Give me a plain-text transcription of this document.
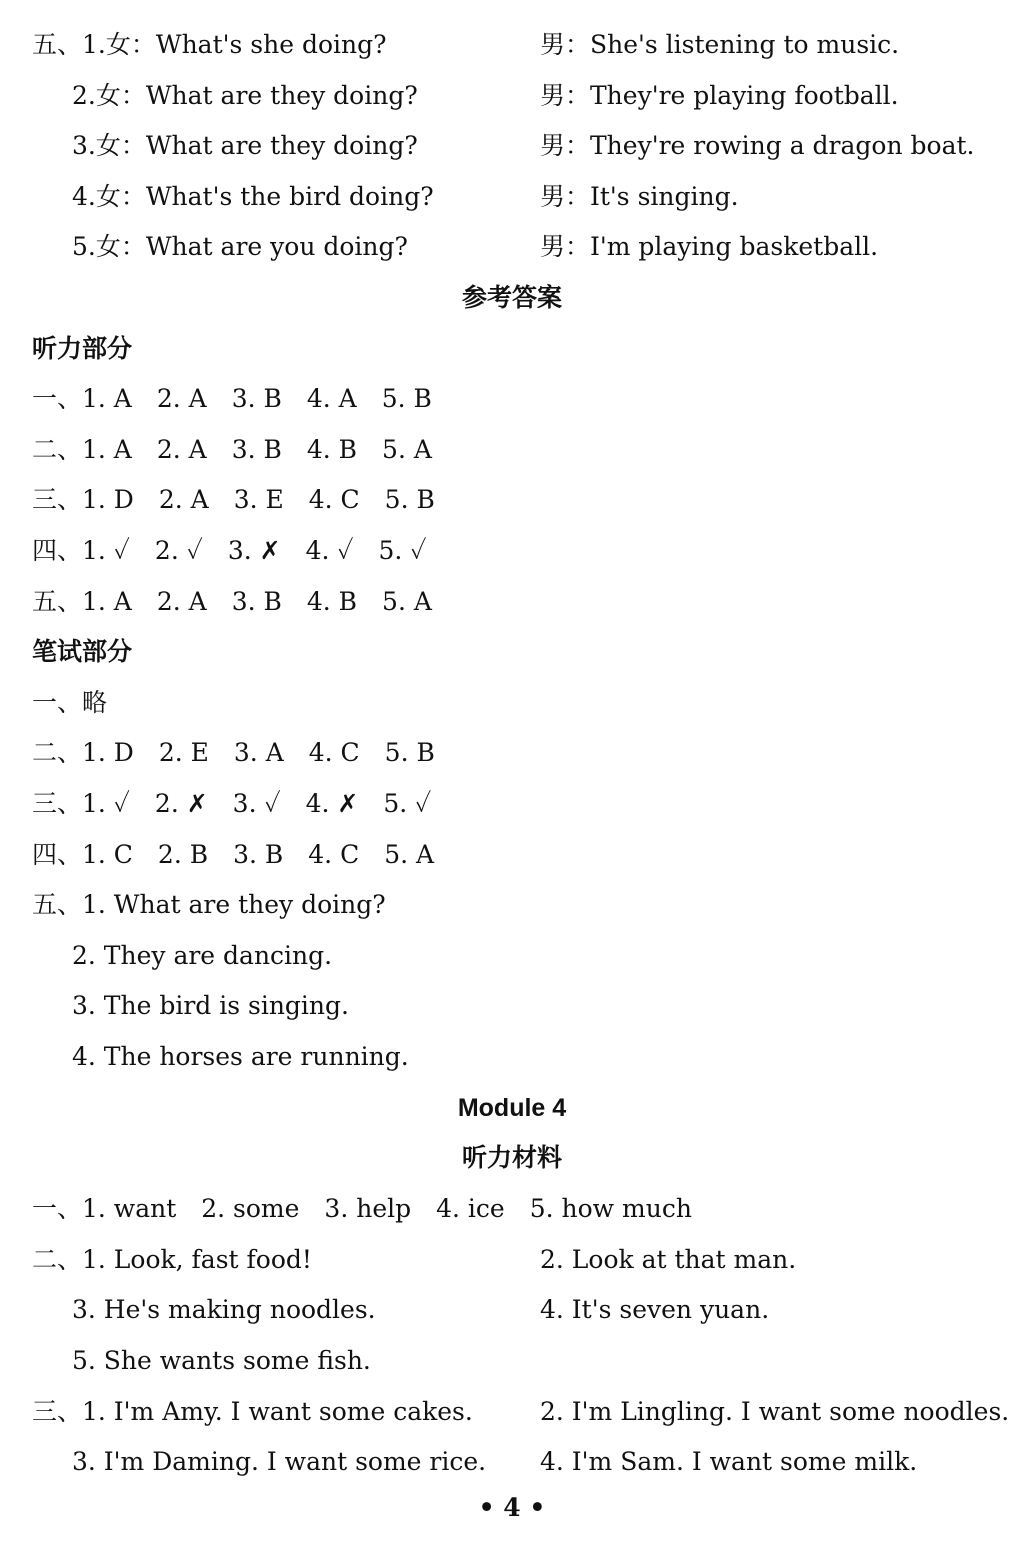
五、1.女：What's she doing?	男：She's listening to music.
2.女：What are they doing?	男：They're playing football.
3.女：What are they doing?	男：They're rowing a dragon boat.
4.女：What's the bird doing?	男：It's singing.
5.女：What are you doing?	男：I'm playing basketball.
参考答案
听力部分
一、1. A　2. A　3. B　4. A　5. B
二、1. A　2. A　3. B　4. B　5. A
三、1. D　2. A　3. E　4. C　5. B
四、1. ✓　2. ✓　3. ✗　4. ✓　5. ✓
五、1. A　2. A　3. B　4. B　5. A
笔试部分
一、略
二、1. D　2. E　3. A　4. C　5. B
三、1. ✓　2. ✗　3. ✓　4. ✗　5. ✓
四、1. C　2. B　3. B　4. C　5. A
五、1. What are they doing?
2. They are dancing.
3. The bird is singing.
4. The horses are running.
Module 4
听力材料
一、1. want　2. some　3. help　4. ice　5. how much
二、1. Look, fast food!	2. Look at that man.
3. He's making noodles.	4. It's seven yuan.
5. She wants some fish.
三、1. I'm Amy. I want some cakes.	2. I'm Lingling. I want some noodles.
3. I'm Daming. I want some rice. 4. I'm Sam. I want some milk.
• 4 •
